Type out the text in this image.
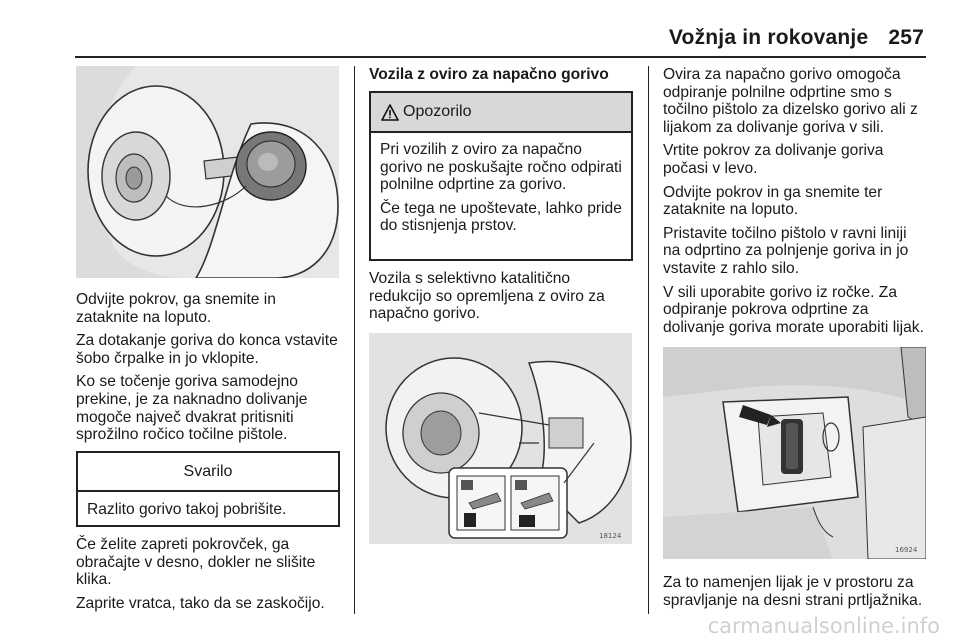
Vožnja in rokovanje 257

Odvijte pokrov, ga snemite in zataknite na loputo.

Za dotakanje goriva do konca vstavite šobo črpalke in jo vklopite.

Ko se točenje goriva samodejno prekine, je za naknadno dolivanje mogoče največ dvakrat pritisniti sprožilno ročico točilne pištole.

Svarilo
Razlito gorivo takoj pobrišite.

Če želite zapreti pokrovček, ga obračajte v desno, dokler ne slišite klika.

Zaprite vratca, tako da se zaskočijo.

Vozila z oviro za napačno gorivo

Opozorilo

Pri vozilih z oviro za napačno gorivo ne poskušajte ročno odpirati polnilne odprtine za gorivo.

Če tega ne upoštevate, lahko pride do stisnjenja prstov.

Vozila s selektivno katalitično redukcijo so opremljena z oviro za napačno gorivo.

18124

Ovira za napačno gorivo omogoča odpiranje polnilne odprtine smo s točilno pištolo za dizelsko gorivo ali z lijakom za dolivanje goriva v sili.

Vrtite pokrov za dolivanje goriva počasi v levo.

Odvijte pokrov in ga snemite ter zataknite na loputo.

Pristavite točilno pištolo v ravni liniji na odprtino za polnjenje goriva in jo vstavite z rahlo silo.

V sili uporabite gorivo iz ročke. Za odpiranje pokrova odprtine za dolivanje goriva morate uporabiti lijak.

16924

Za to namenjen lijak je v prostoru za spravljanje na desni strani prtljažnika.

carmanualsonline.info
